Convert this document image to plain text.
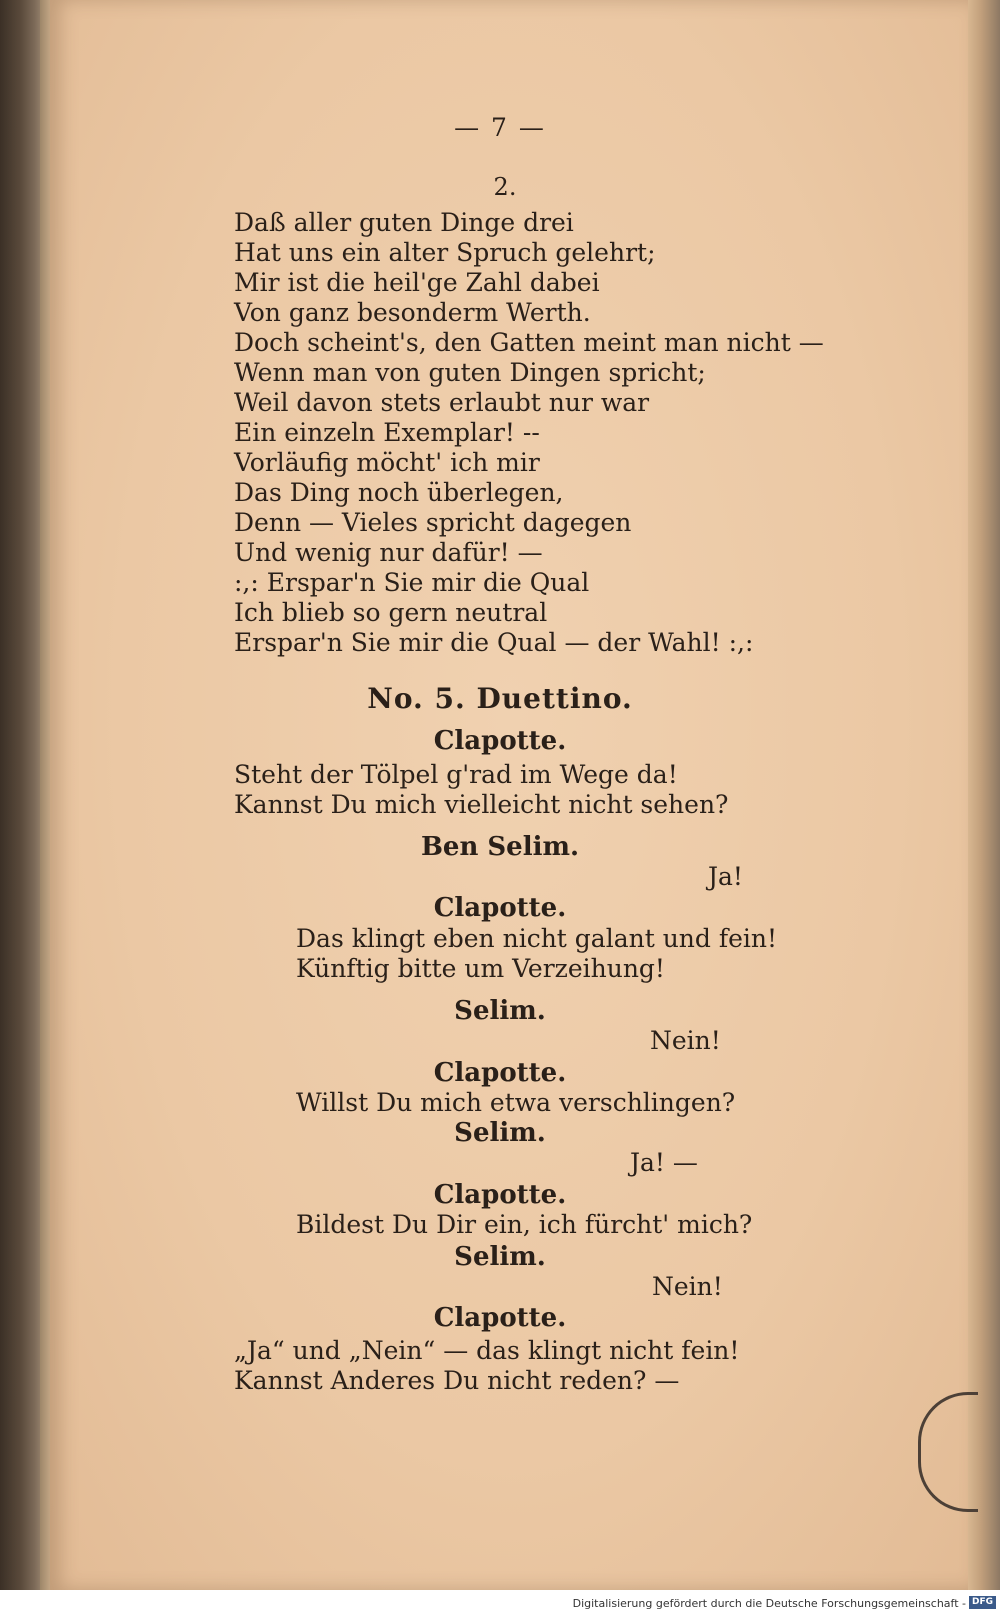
— 7 —
2.
Daß aller guten Dinge drei
Hat uns ein alter Spruch gelehrt;
Mir ist die heil'ge Zahl dabei
Von ganz besonderm Werth.
Doch scheint's, den Gatten meint man nicht —
Wenn man von guten Dingen spricht;
Weil davon stets erlaubt nur war
Ein einzeln Exemplar! --
Vorläufig möcht' ich mir
Das Ding noch überlegen,
Denn — Vieles spricht dagegen
Und wenig nur dafür! —
:,: Erspar'n Sie mir die Qual
Ich blieb so gern neutral
Erspar'n Sie mir die Qual — der Wahl! :,:
No. 5. Duettino.
Clapotte.
Steht der Tölpel g'rad im Wege da!
Kannst Du mich vielleicht nicht sehen?
Ben Selim.
Ja!
Clapotte.
Das klingt eben nicht galant und fein!
Künftig bitte um Verzeihung!
Selim.
Nein!
Clapotte.
Willst Du mich etwa verschlingen?
Selim.
Ja! —
Clapotte.
Bildest Du Dir ein, ich fürcht' mich?
Selim.
Nein!
Clapotte.
„Ja“ und „Nein“ — das klingt nicht fein!
Kannst Anderes Du nicht reden? —
Digitalisierung gefördert durch die Deutsche Forschungsgemeinschaft - DFG
